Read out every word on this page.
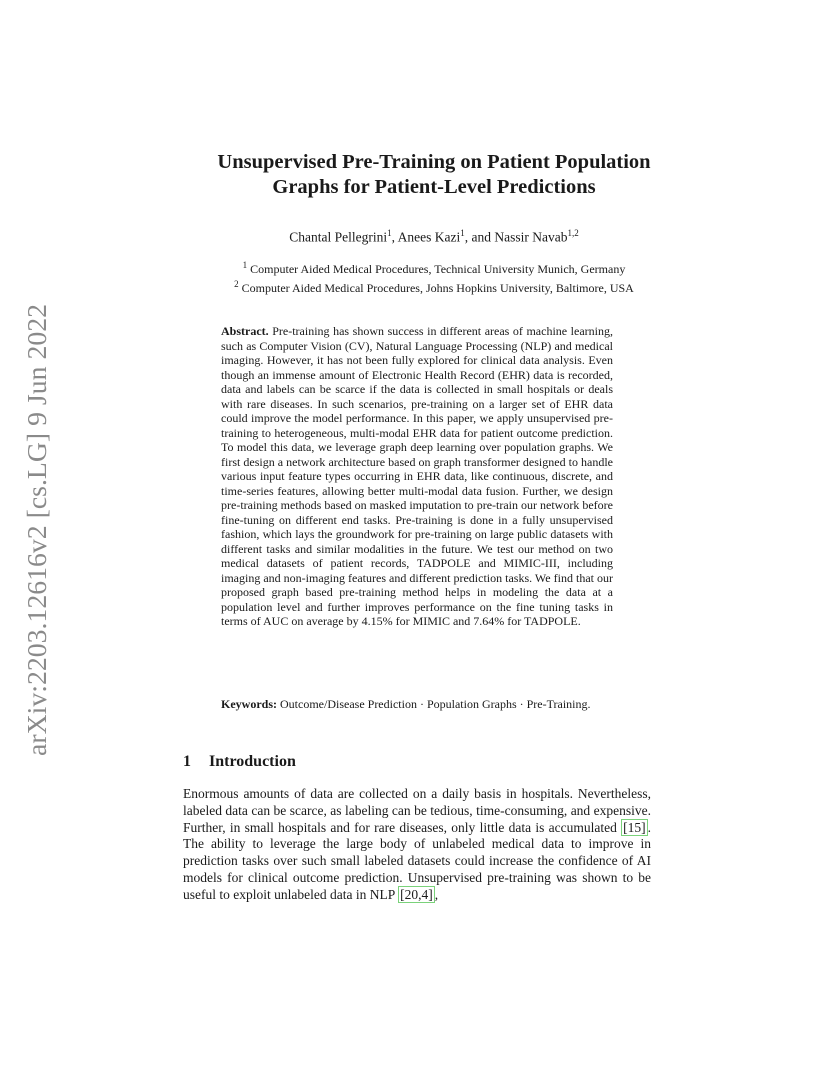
arXiv:2203.12616v2 [cs.LG] 9 Jun 2022
Unsupervised Pre-Training on Patient Population
Graphs for Patient-Level Predictions
Chantal Pellegrini$^1$, Anees Kazi$^1$, and Nassir Navab$^{1,2}$
$^1$ Computer Aided Medical Procedures, Technical University Munich, Germany
$^2$ Computer Aided Medical Procedures, Johns Hopkins University, Baltimore, USA
Abstract. Pre-training has shown success in different areas of machine learning, such as Computer Vision (CV), Natural Language Processing (NLP) and medical imaging. However, it has not been fully explored for clinical data analysis. Even though an immense amount of Electronic Health Record (EHR) data is recorded, data and labels can be scarce if the data is collected in small hospitals or deals with rare diseases. In such scenarios, pre-training on a larger set of EHR data could improve the model performance. In this paper, we apply unsupervised pre-training to heterogeneous, multi-modal EHR data for patient outcome prediction. To model this data, we leverage graph deep learning over population graphs. We first design a network architecture based on graph transformer designed to handle various input feature types occurring in EHR data, like continuous, discrete, and time-series features, allowing better multi-modal data fusion. Further, we design pre-training methods based on masked imputation to pre-train our network before fine-tuning on different end tasks. Pre-training is done in a fully unsupervised fashion, which lays the groundwork for pre-training on large public datasets with different tasks and similar modalities in the future. We test our method on two medical datasets of patient records, TADPOLE and MIMIC-III, including imaging and non-imaging features and different prediction tasks. We find that our proposed graph based pre-training method helps in modeling the data at a population level and further improves performance on the fine tuning tasks in terms of AUC on average by 4.15% for MIMIC and 7.64% for TADPOLE.
Keywords: Outcome/Disease Prediction · Population Graphs · Pre-Training.
1 Introduction
Enormous amounts of data are collected on a daily basis in hospitals. Nevertheless, labeled data can be scarce, as labeling can be tedious, time-consuming, and expensive. Further, in small hospitals and for rare diseases, only little data is accumulated [15] . The ability to leverage the large body of unlabeled medical data to improve in prediction tasks over such small labeled datasets could increase the confidence of AI models for clinical outcome prediction. Unsupervised pre-training was shown to be useful to exploit unlabeled data in NLP [20,4] ,
